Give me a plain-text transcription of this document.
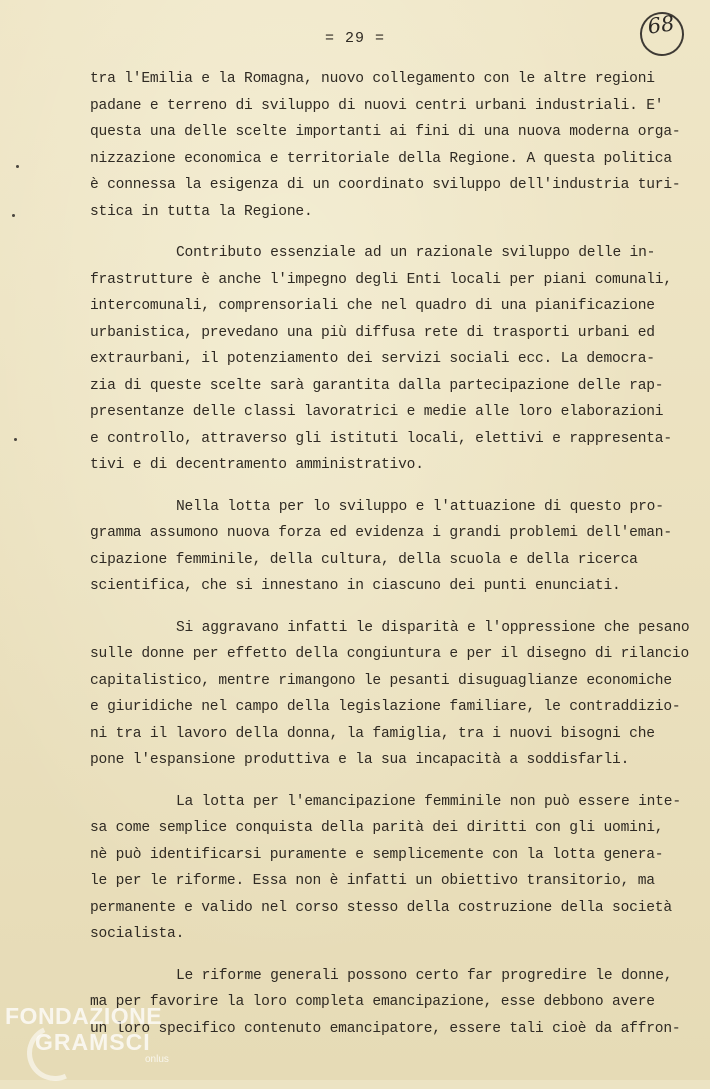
= 29 =	68
tra l'Emilia e la Romagna, nuovo collegamento con le altre regioni
padane e terreno di sviluppo di nuovi centri urbani industriali. E'
questa una delle scelte importanti ai fini di una nuova moderna orga-
nizzazione economica e territoriale della Regione. A questa politica
è connessa la esigenza di un coordinato sviluppo dell'industria turi-
stica in tutta la Regione.
Contributo essenziale ad un razionale sviluppo delle in-
frastrutture è anche l'impegno degli Enti locali per piani comunali,
intercomunali, comprensoriali che nel quadro di una pianificazione
urbanistica, prevedano una più diffusa rete di trasporti urbani ed
extraurbani, il potenziamento dei servizi sociali ecc. La democra-
zia di queste scelte sarà garantita dalla partecipazione delle rap-
presentanze delle classi lavoratrici e medie alle loro elaborazioni
e controllo, attraverso gli istituti locali, elettivi e rappresenta-
tivi e di decentramento amministrativo.
Nella lotta per lo sviluppo e l'attuazione di questo pro-
gramma assumono nuova forza ed evidenza i grandi problemi dell'eman-
cipazione femminile, della cultura, della scuola e della ricerca
scientifica, che si innestano in ciascuno dei punti enunciati.
Si aggravano infatti le disparità e l'oppressione che pesano
sulle donne per effetto della congiuntura e per il disegno di rilancio
capitalistico, mentre rimangono le pesanti disuguaglianze economiche
e giuridiche nel campo della legislazione familiare, le contraddizio-
ni tra il lavoro della donna, la famiglia, tra i nuovi bisogni che
pone l'espansione produttiva e la sua incapacità a soddisfarli.
La lotta per l'emancipazione femminile non può essere inte-
sa come semplice conquista della parità dei diritti con gli uomini,
nè può identificarsi puramente e semplicemente con la lotta genera-
le per le riforme. Essa non è infatti un obiettivo transitorio, ma
permanente e valido nel corso stesso della costruzione della società
socialista.
Le riforme generali possono certo far progredire le donne,
ma per favorire la loro completa emancipazione, esse debbono avere
un loro specifico contenuto emancipatore, essere tali cioè da affron-
FONDAZIONE
GRAMSCI
onlus
